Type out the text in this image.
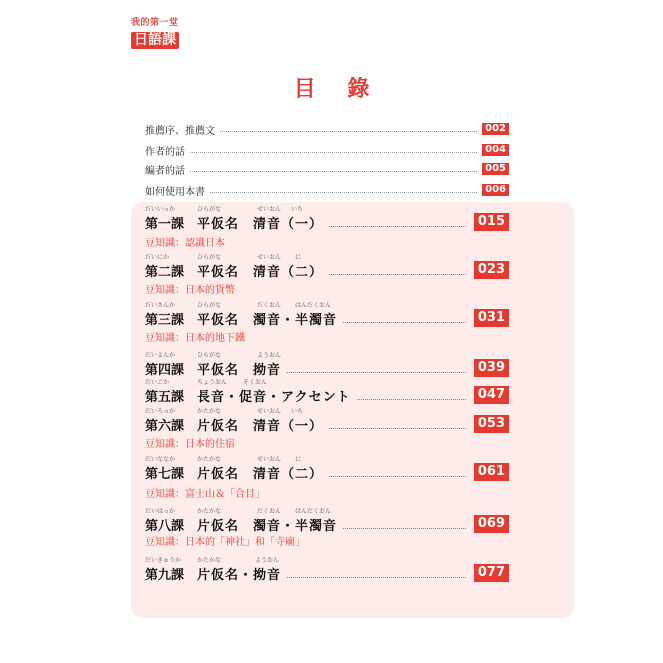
我的第一堂
日語課
目 錄
推薦序、推薦文	002
作者的話	004
編者的話	005
如何使用本書	006
だいいっか	ひらがな	せいおん いち
第一課 平仮名　清音（一）	015
豆知識：認識日本
だいにか	ひらがな	せいおん に
第二課 平仮名　清音（二）	023
豆知識：日本的貨幣
だいさんか	ひらがな	だくおん はんだくおん
第三課 平仮名　濁音・半濁音	031
豆知識：日本的地下鐵
だいよんか	ひらがな	ようおん
第四課 平仮名　拗音	039
だいごか	ちょうおん	そくおん
第五課 長音・促音・アクセント	047
だいろっか	かたかな	せいおん いち
第六課 片仮名　清音（一）	053
豆知識：日本的住宿
だいななか	かたかな	せいおん に
第七課 片仮名　清音（二）	061
豆知識：富士山＆「合目」
だいはっか	かたかな	だくおん はんだくおん
第八課 片仮名　濁音・半濁音	069
豆知識：日本的「神社」和「寺廟」
だいきゅうか	かたかな	ようおん
第九課 片仮名・拗音	077
